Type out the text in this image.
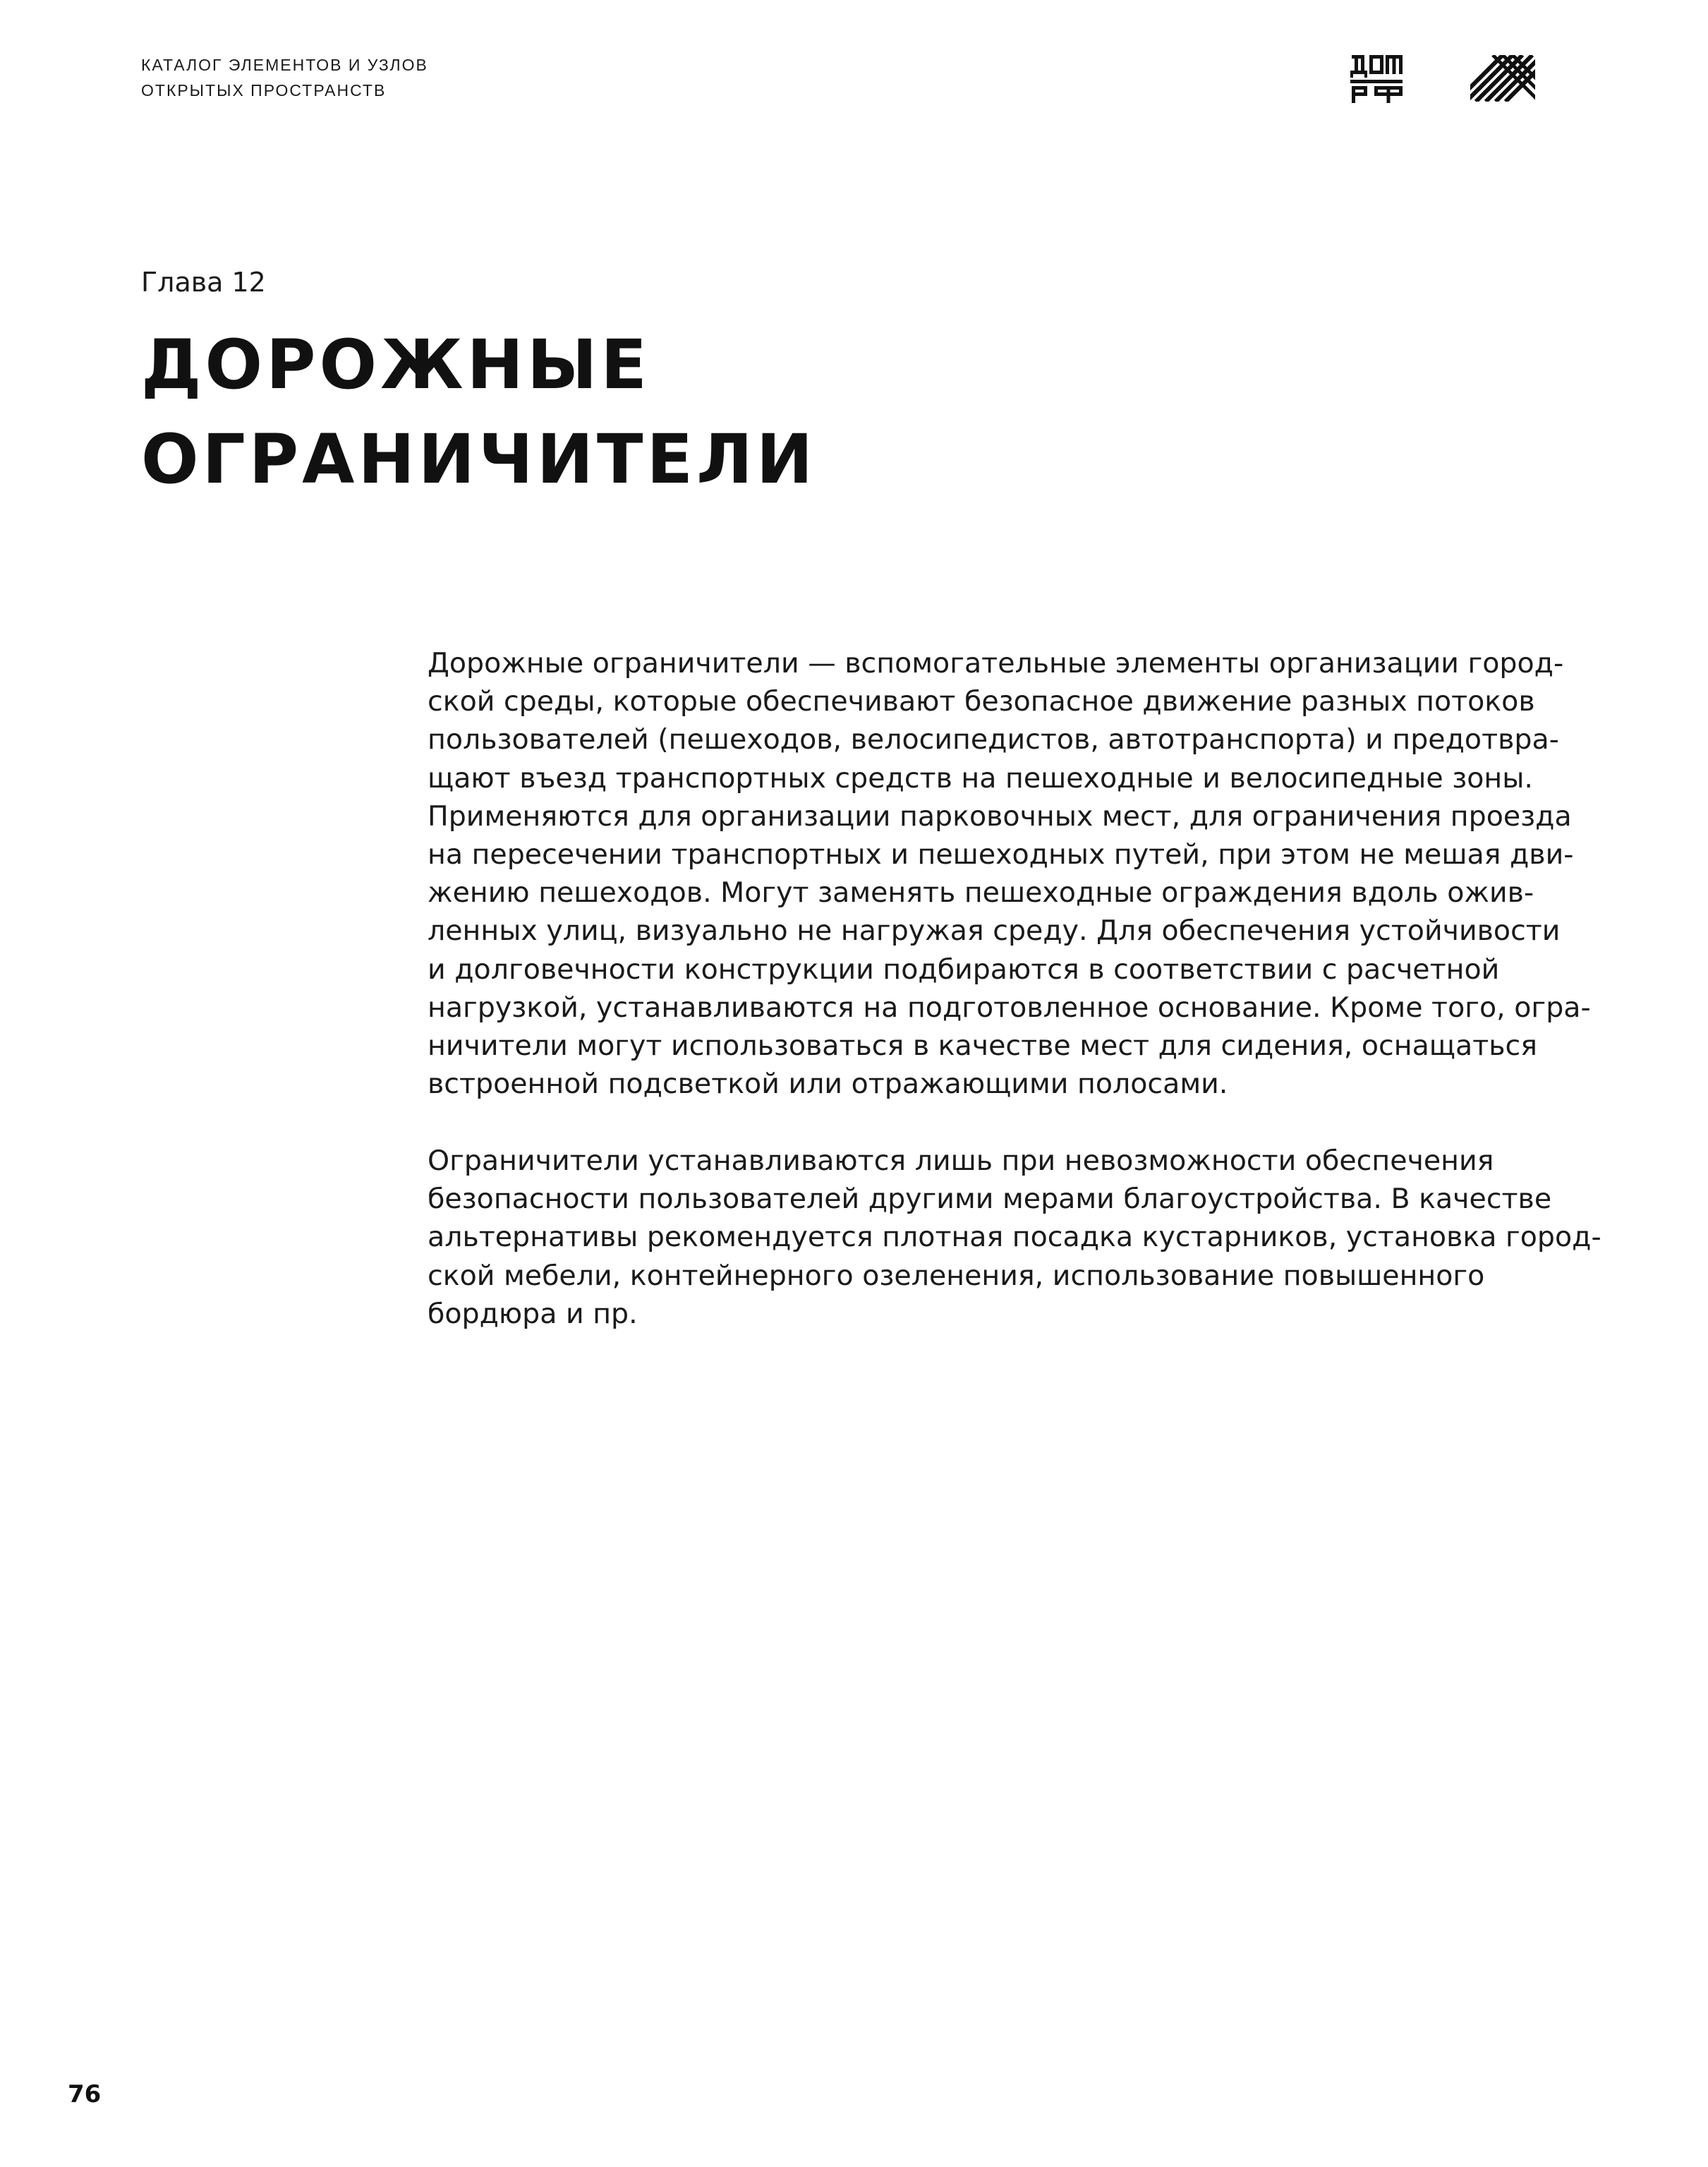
КАТАЛОГ ЭЛЕМЕНТОВ И УЗЛОВ
ОТКРЫТЫХ ПРОСТРАНСТВ
Глава 12
ДОРОЖНЫЕ
ОГРАНИЧИТЕЛИ
Дорожные ограничители — вспомогательные элементы организации город-
ской среды, которые обеспечивают безопасное движение разных потоков
пользователей (пешеходов, велосипедистов, автотранспорта) и предотвра-
щают въезд транспортных средств на пешеходные и велосипедные зоны.
Применяются для организации парковочных мест, для ограничения проезда
на пересечении транспортных и пешеходных путей, при этом не мешая дви-
жению пешеходов. Могут заменять пешеходные ограждения вдоль ожив-
ленных улиц, визуально не нагружая среду. Для обеспечения устойчивости
и долговечности конструкции подбираются в соответствии с расчетной
нагрузкой, устанавливаются на подготовленное основание. Кроме того, огра-
ничители могут использоваться в качестве мест для сидения, оснащаться
встроенной подсветкой или отражающими полосами.
Ограничители устанавливаются лишь при невозможности обеспечения
безопасности пользователей другими мерами благоустройства. В качестве
альтернативы рекомендуется плотная посадка кустарников, установка город-
ской мебели, контейнерного озеленения, использование повышенного
бордюра и пр.
76
